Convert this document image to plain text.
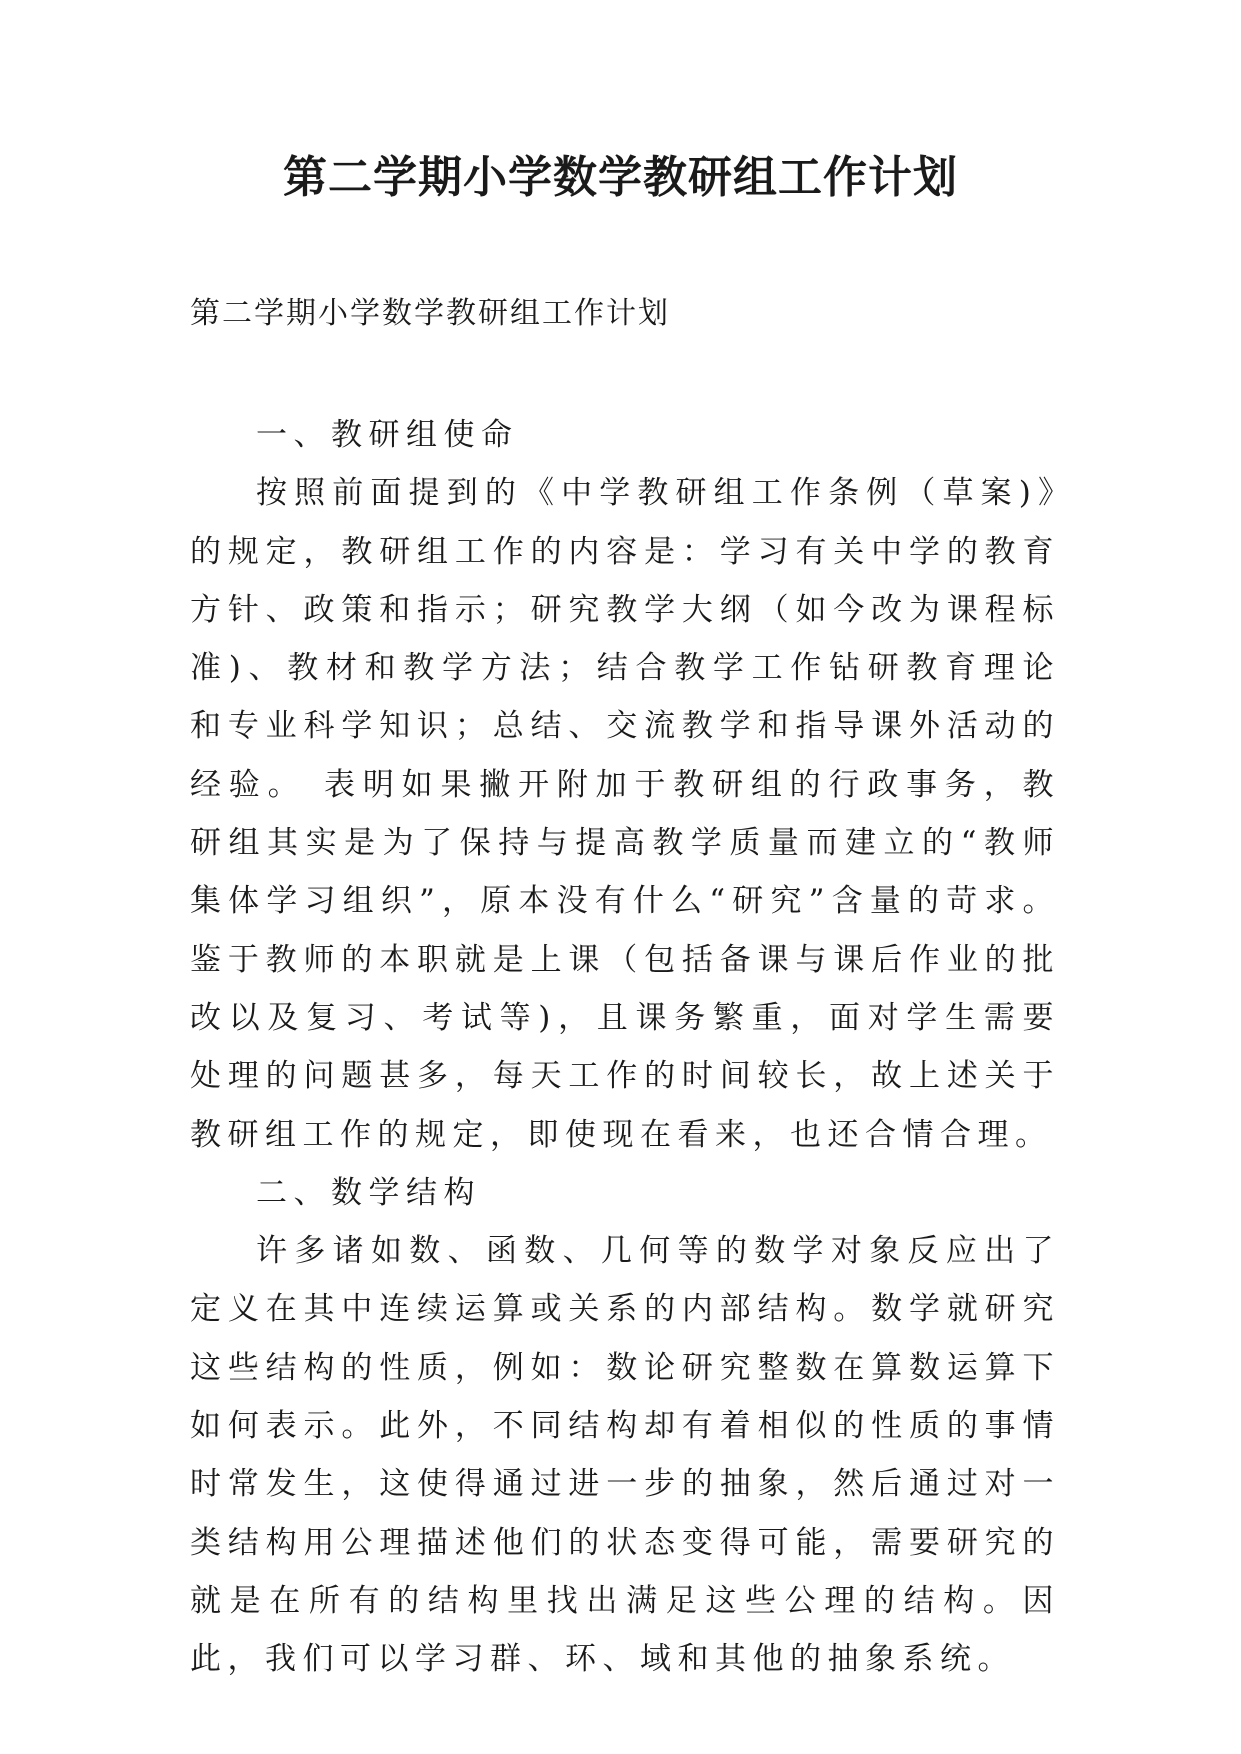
第二学期小学数学教研组工作计划

第二学期小学数学教研组工作计划

一、教研组使命

按照前面提到的《中学教研组工作条例（草案)》的规定，教研组工作的内容是：学习有关中学的教育方针、政策和指示；研究教学大纲（如今改为课程标准)、教材和教学方法；结合教学工作钻研教育理论和专业科学知识；总结、交流教学和指导课外活动的经验。 表明如果撇开附加于教研组的行政事务，教研组其实是为了保持与提高教学质量而建立的“教师集体学习组织”，原本没有什么“研究”含量的苛求。鉴于教师的本职就是上课（包括备课与课后作业的批改以及复习、考试等)，且课务繁重，面对学生需要处理的问题甚多，每天工作的时间较长，故上述关于教研组工作的规定，即使现在看来，也还合情合理。

二、数学结构

许多诸如数、函数、几何等的数学对象反应出了定义在其中连续运算或关系的内部结构。数学就研究这些结构的性质，例如：数论研究整数在算数运算下如何表示。此外，不同结构却有着相似的性质的事情时常发生，这使得通过进一步的抽象，然后通过对一类结构用公理描述他们的状态变得可能，需要研究的就是在所有的结构里找出满足这些公理的结构。因此，我们可以学习群、环、域和其他的抽象系统。
